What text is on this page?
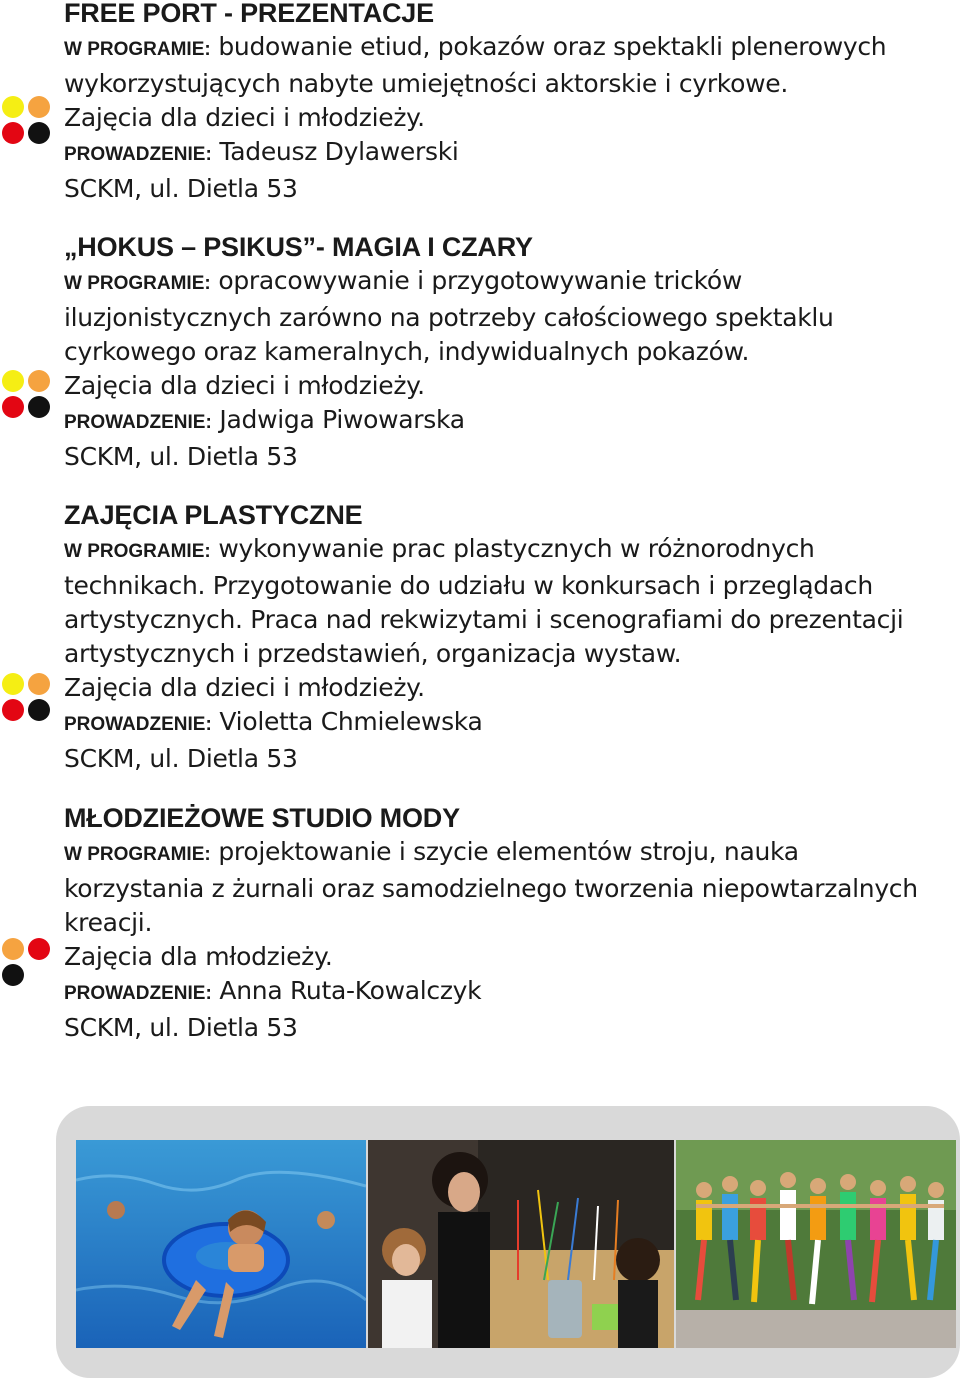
FREE PORT - PREZENTACJE
W PROGRAMIE: budowanie etiud, pokazów oraz spektakli plenerowych
wykorzystujących nabyte umiejętności aktorskie i cyrkowe.
Zajęcia dla dzieci i młodzieży.
PROWADZENIE: Tadeusz Dylawerski
SCKM, ul. Dietla 53
„HOKUS – PSIKUS”- MAGIA I CZARY
W PROGRAMIE: opracowywanie i przygotowywanie tricków
iluzjonistycznych zarówno na potrzeby całościowego spektaklu
cyrkowego oraz kameralnych, indywidualnych pokazów.
Zajęcia dla dzieci i młodzieży.
PROWADZENIE: Jadwiga Piwowarska
SCKM, ul. Dietla 53
ZAJĘCIA PLASTYCZNE
W PROGRAMIE: wykonywanie prac plastycznych w różnorodnych
technikach. Przygotowanie do udziału w konkursach i przeglądach
artystycznych. Praca nad rekwizytami i scenografiami do prezentacji
artystycznych i przedstawień, organizacja wystaw.
Zajęcia dla dzieci i młodzieży.
PROWADZENIE: Violetta Chmielewska
SCKM, ul. Dietla 53
MŁODZIEŻOWE STUDIO MODY
W PROGRAMIE: projektowanie i szycie elementów stroju, nauka
korzystania z żurnali oraz samodzielnego tworzenia niepowtarzalnych
kreacji.
Zajęcia dla młodzieży.
PROWADZENIE: Anna Ruta-Kowalczyk
SCKM, ul. Dietla 53
